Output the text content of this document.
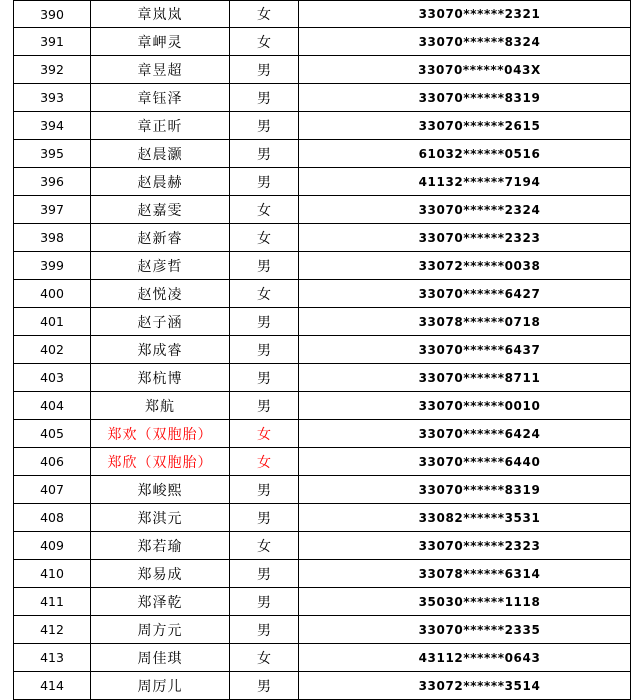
390	章岚岚	女	33070******2321
391	章岬灵	女	33070******8324
392	章昱超	男	33070******043X
393	章钰泽	男	33070******8319
394	章正昕	男	33070******2615
395	赵晨灏	男	61032******0516
396	赵晨赫	男	41132******7194
397	赵嘉雯	女	33070******2324
398	赵新睿	女	33070******2323
399	赵彦哲	男	33072******0038
400	赵悦凌	女	33070******6427
401	赵子涵	男	33078******0718
402	郑成睿	男	33070******6437
403	郑杭博	男	33070******8711
404	郑航	男	33070******0010
405	郑欢（双胞胎）	女	33070******6424
406	郑欣（双胞胎）	女	33070******6440
407	郑峻熙	男	33070******8319
408	郑淇元	男	33082******3531
409	郑若瑜	女	33070******2323
410	郑易成	男	33078******6314
411	郑泽乾	男	35030******1118
412	周方元	男	33070******2335
413	周佳琪	女	43112******0643
414	周厉儿	男	33072******3514
